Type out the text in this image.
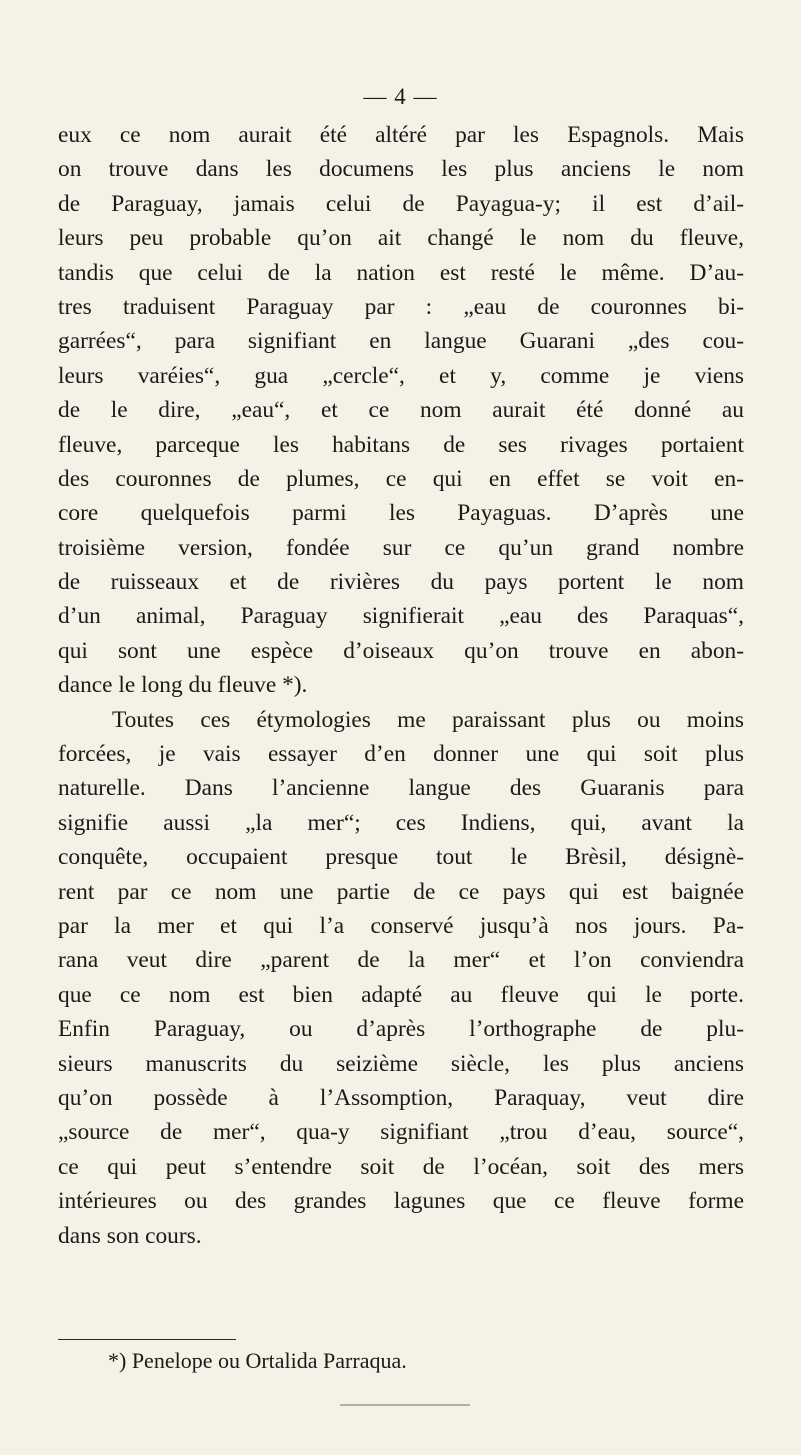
— 4 —
eux ce nom aurait été altéré par les Espagnols. Mais
on trouve dans les documens les plus anciens le nom
de Paraguay, jamais celui de Payagua-y; il est d’ail-
leurs peu probable qu’on ait changé le nom du fleuve,
tandis que celui de la nation est resté le même. D’au-
tres traduisent Paraguay par : „eau de couronnes bi-
garrées“, para signifiant en langue Guarani „des cou-
leurs varéies“, gua „cercle“, et y, comme je viens
de le dire, „eau“, et ce nom aurait été donné au
fleuve, parceque les habitans de ses rivages portaient
des couronnes de plumes, ce qui en effet se voit en-
core quelquefois parmi les Payaguas. D’après une
troisième version, fondée sur ce qu’un grand nombre
de ruisseaux et de rivières du pays portent le nom
d’un animal, Paraguay signifierait „eau des Paraquas“,
qui sont une espèce d’oiseaux qu’on trouve en abon-
dance le long du fleuve *).
Toutes ces étymologies me paraissant plus ou moins
forcées, je vais essayer d’en donner une qui soit plus
naturelle. Dans l’ancienne langue des Guaranis para
signifie aussi „la mer“; ces Indiens, qui, avant la
conquête, occupaient presque tout le Brèsil, désignè-
rent par ce nom une partie de ce pays qui est baignée
par la mer et qui l’a conservé jusqu’à nos jours. Pa-
rana veut dire „parent de la mer“ et l’on conviendra
que ce nom est bien adapté au fleuve qui le porte.
Enfin Paraguay, ou d’après l’orthographe de plu-
sieurs manuscrits du seizième siècle, les plus anciens
qu’on possède à l’Assomption, Paraquay, veut dire
„source de mer“, qua-y signifiant „trou d’eau, source“,
ce qui peut s’entendre soit de l’océan, soit des mers
intérieures ou des grandes lagunes que ce fleuve forme
dans son cours.
*) Penelope ou Ortalida Parraqua.
